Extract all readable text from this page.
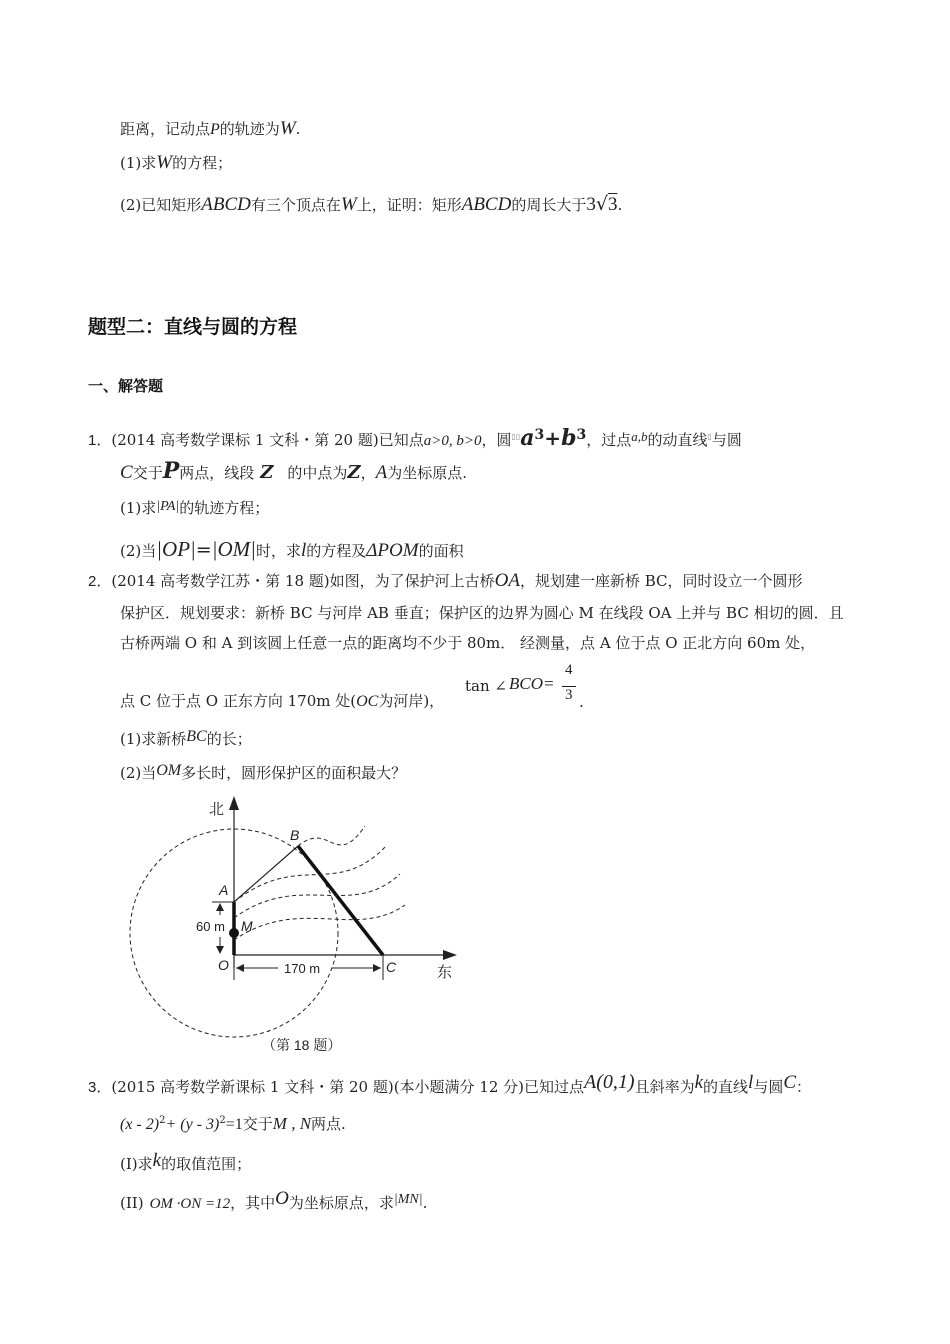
距离，记动点P的轨迹为W.
(1)求W的方程；
(2)已知矩形ABCD有三个顶点在W上，证明：矩形ABCD的周长大于3√3.
题型二：直线与圆的方程
一、解答题
1．(2014 高考数学课标 1 文科・第 20 题)已知点a>0, b>0，圆$^{▯▯}a^3+b^3$，过点a,b的动直线▯与圆
C交于P两点，线段 Z 的中点为Z，A为坐标原点.
(1)求|PA|的轨迹方程；
(2)当|OP|=|OM|时，求l的方程及ΔPOM的面积
2．(2014 高考数学江苏・第 18 题)如图，为了保护河上古桥OA，规划建一座新桥 BC，同时设立一个圆形
保护区．规划要求：新桥 BC 与河岸 AB 垂直；保护区的边界为圆心 M 在线段 OA 上并与 BC 相切的圆．且
古桥两端 O 和 A 到该圆上任意一点的距离均不少于 80m． 经测量，点 A 位于点 O 正北方向 60m 处，
点 C 位于点 O 正东方向 170m 处(OC为河岸)，
tan ∠ BCO=
4
3 .
(1)求新桥BC的长；
(2)当OM多长时，圆形保护区的面积最大？
北
东
60 m
170 m
B
A
M
O	C
（第 18 题）
3．(2015 高考数学新课标 1 文科・第 20 题)(本小题满分 12 分)已知过点A(0,1)且斜率为k的直线l与圆C：
(x - 2)$^2$+ (y - 3)$^2$=1交于M , N两点.
(I)求k的取值范围；
(II) OM ·ON =12，其中O为坐标原点，求|MN|.
